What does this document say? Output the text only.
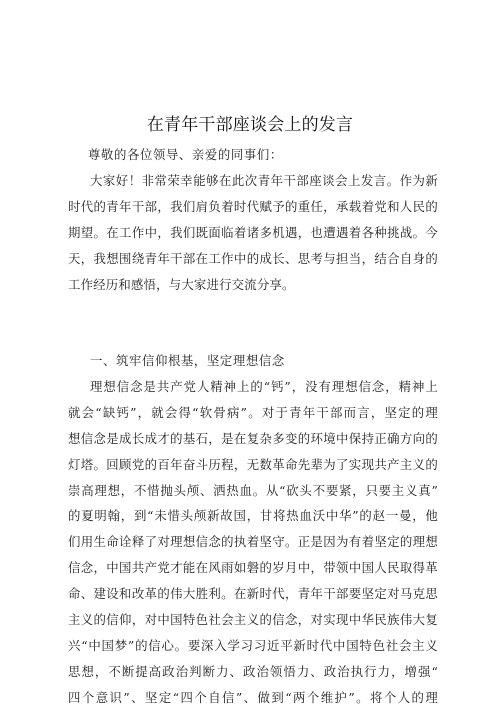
在青年干部座谈会上的发言
尊敬的各位领导、亲爱的同事们：
大家好！非常荣幸能够在此次青年干部座谈会上发言。作为新
时代的青年干部，我们肩负着时代赋予的重任，承载着党和人民的
期望。在工作中，我们既面临着诸多机遇，也遭遇着各种挑战。今
天，我想围绕青年干部在工作中的成长、思考与担当，结合自身的
工作经历和感悟，与大家进行交流分享。
一、筑牢信仰根基，坚定理想信念
理想信念是共产党人精神上的“钙”，没有理想信念，精神上
就会“缺钙”，就会得“软骨病”。对于青年干部而言，坚定的理
想信念是成长成才的基石，是在复杂多变的环境中保持正确方向的
灯塔。回顾党的百年奋斗历程，无数革命先辈为了实现共产主义的
崇高理想，不惜抛头颅、洒热血。从“砍头不要紧，只要主义真”
的夏明翰，到“未惜头颅新故国，甘将热血沃中华”的赵一曼，他
们用生命诠释了对理想信念的执着坚守。正是因为有着坚定的理想
信念，中国共产党才能在风雨如磐的岁月中，带领中国人民取得革
命、建设和改革的伟大胜利。在新时代，青年干部要坚定对马克思
主义的信仰，对中国特色社会主义的信念，对实现中华民族伟大复
兴“中国梦”的信心。要深入学习习近平新时代中国特色社会主义
思想，不断提高政治判断力、政治领悟力、政治执行力，增强“
四个意识”、坚定“四个自信”、做到“两个维护”。将个人的理
